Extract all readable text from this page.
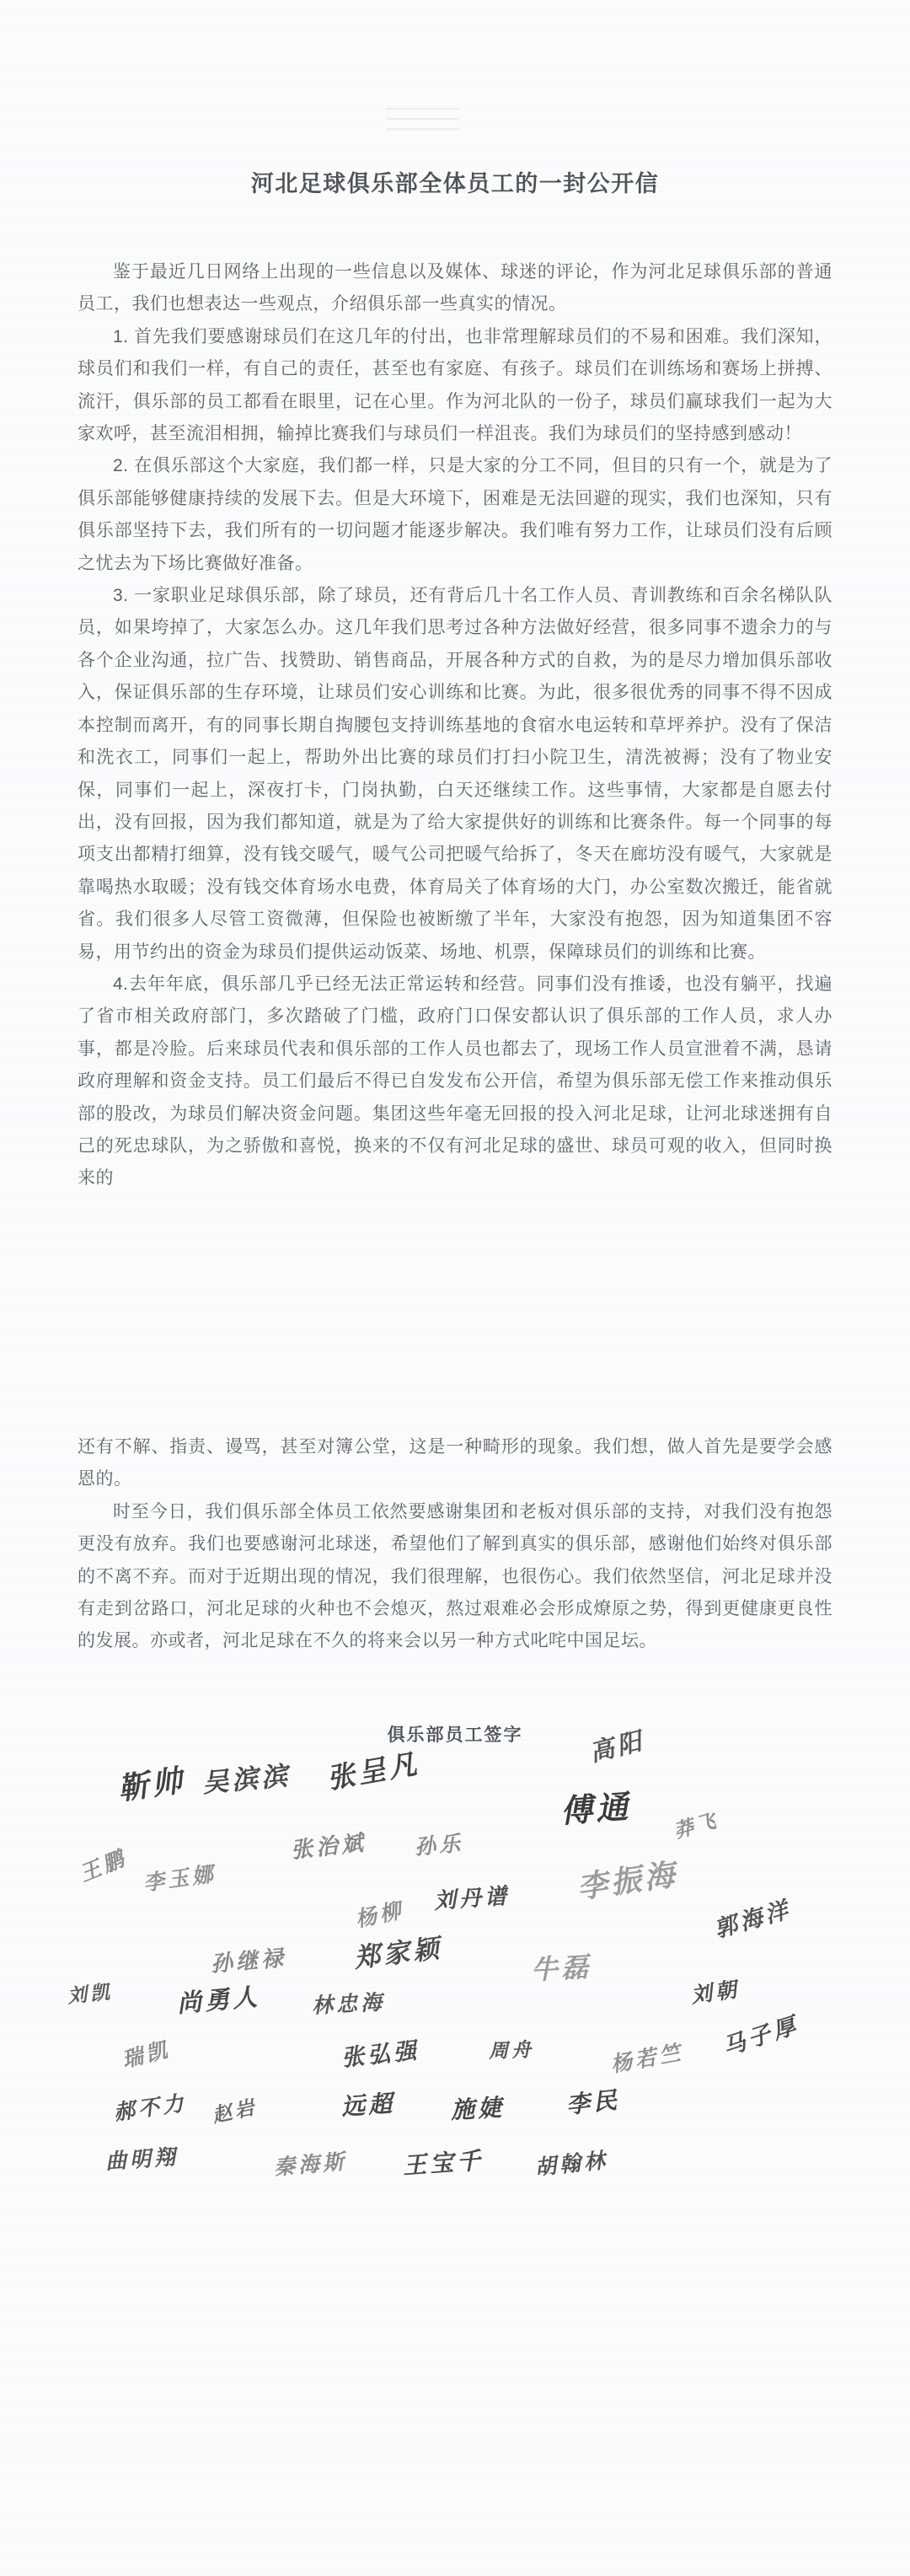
河北足球俱乐部全体员工的一封公开信

鉴于最近几日网络上出现的一些信息以及媒体、球迷的评论，作为河北足球俱乐部的普通员工，我们也想表达一些观点，介绍俱乐部一些真实的情况。

1. 首先我们要感谢球员们在这几年的付出，也非常理解球员们的不易和困难。我们深知，球员们和我们一样，有自己的责任，甚至也有家庭、有孩子。球员们在训练场和赛场上拼搏、流汗，俱乐部的员工都看在眼里，记在心里。作为河北队的一份子，球员们赢球我们一起为大家欢呼，甚至流泪相拥，输掉比赛我们与球员们一样沮丧。我们为球员们的坚持感到感动！

2. 在俱乐部这个大家庭，我们都一样，只是大家的分工不同，但目的只有一个，就是为了俱乐部能够健康持续的发展下去。但是大环境下，困难是无法回避的现实，我们也深知，只有俱乐部坚持下去，我们所有的一切问题才能逐步解决。我们唯有努力工作，让球员们没有后顾之忧去为下场比赛做好准备。

3. 一家职业足球俱乐部，除了球员，还有背后几十名工作人员、青训教练和百余名梯队队员，如果垮掉了，大家怎么办。这几年我们思考过各种方法做好经营，很多同事不遗余力的与各个企业沟通，拉广告、找赞助、销售商品，开展各种方式的自救，为的是尽力增加俱乐部收入，保证俱乐部的生存环境，让球员们安心训练和比赛。为此，很多很优秀的同事不得不因成本控制而离开，有的同事长期自掏腰包支持训练基地的食宿水电运转和草坪养护。没有了保洁和洗衣工，同事们一起上，帮助外出比赛的球员们打扫小院卫生，清洗被褥；没有了物业安保，同事们一起上，深夜打卡，门岗执勤，白天还继续工作。这些事情，大家都是自愿去付出，没有回报，因为我们都知道，就是为了给大家提供好的训练和比赛条件。每一个同事的每项支出都精打细算，没有钱交暖气，暖气公司把暖气给拆了，冬天在廊坊没有暖气，大家就是靠喝热水取暖；没有钱交体育场水电费，体育局关了体育场的大门，办公室数次搬迁，能省就省。我们很多人尽管工资微薄，但保险也被断缴了半年，大家没有抱怨，因为知道集团不容易，用节约出的资金为球员们提供运动饭菜、场地、机票，保障球员们的训练和比赛。

4.去年年底，俱乐部几乎已经无法正常运转和经营。同事们没有推诿，也没有躺平，找遍了省市相关政府部门，多次踏破了门槛，政府门口保安都认识了俱乐部的工作人员，求人办事，都是冷脸。后来球员代表和俱乐部的工作人员也都去了，现场工作人员宣泄着不满，恳请政府理解和资金支持。员工们最后不得已自发发布公开信，希望为俱乐部无偿工作来推动俱乐部的股改，为球员们解决资金问题。集团这些年毫无回报的投入河北足球，让河北球迷拥有自己的死忠球队，为之骄傲和喜悦，换来的不仅有河北足球的盛世、球员可观的收入，但同时换来的

还有不解、指责、谩骂，甚至对簿公堂，这是一种畸形的现象。我们想，做人首先是要学会感恩的。

时至今日，我们俱乐部全体员工依然要感谢集团和老板对俱乐部的支持，对我们没有抱怨更没有放弃。我们也要感谢河北球迷，希望他们了解到真实的俱乐部，感谢他们始终对俱乐部的不离不弃。而对于近期出现的情况，我们很理解，也很伤心。我们依然坚信，河北足球并没有走到岔路口，河北足球的火种也不会熄灭，熬过艰难必会形成燎原之势，得到更健康更良性的发展。亦或者，河北足球在不久的将来会以另一种方式叱咤中国足坛。

俱乐部员工签字
靳帅 吴滨滨 张呈凡
高阳
傅通 莽飞
王鹏 李玉娜
张治斌 孙乐
刘丹谱 李振海
杨柳
孙继禄 郑家颖	牛磊
郭海洋
刘凯	尚勇人 林忠海	刘朝
瑞凯	张弘强	周舟	杨若竺 马子厚
郝不力 赵岩	远超 施婕	李民
曲明翔	秦海斯 王宝千 胡翰林
